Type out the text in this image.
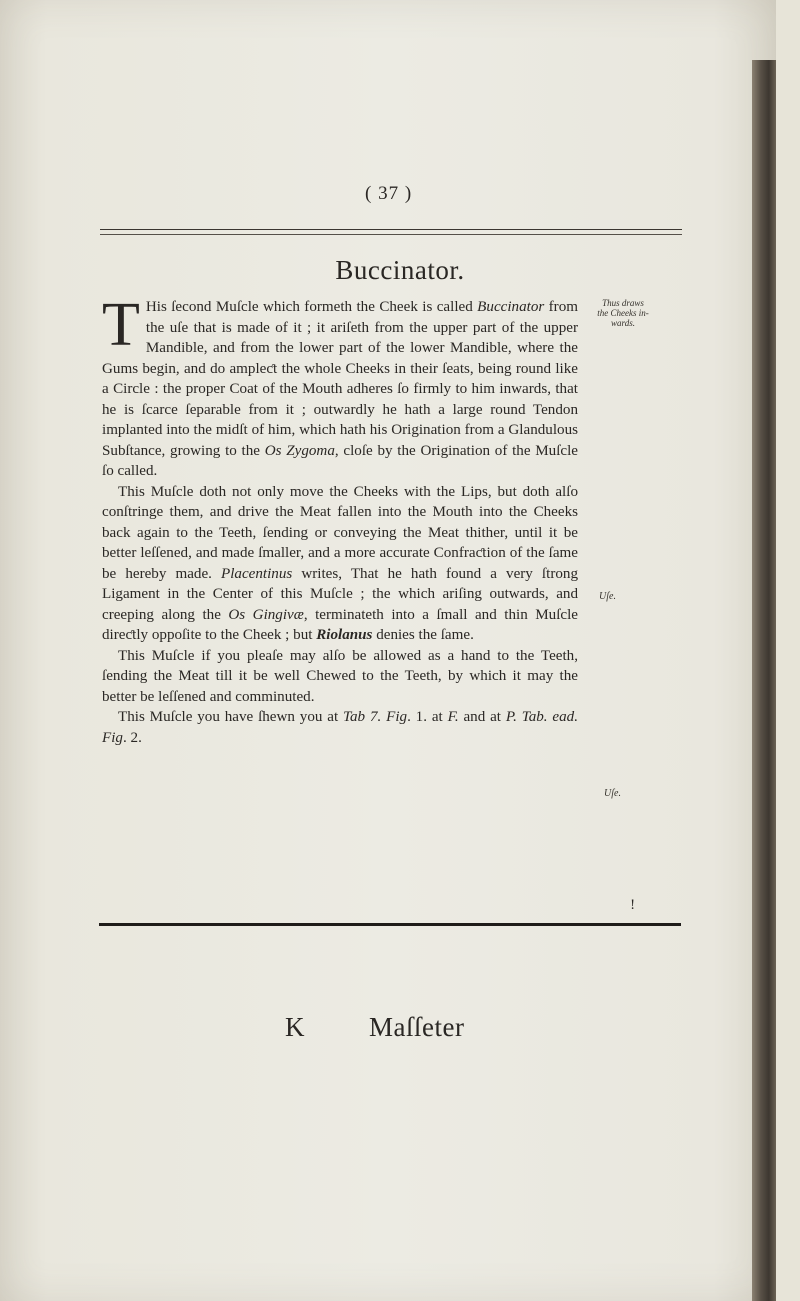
( 37 )
Buccinator.

T His ſecond Muſcle which formeth the Cheek is called Buccinator from the uſe that is made of it ; it ariſeth from the upper part of the upper Mandible, and from the lower part of the lower Mandible, where the Gums begin, and do ampleƈt the whole Cheeks in their ſeats, being round like a Circle : the proper Coat of the Mouth adheres ſo firmly to him inwards, that he is ſcarce ſeparable from it ; outwardly he hath a large round Tendon implanted into the midſt of him, which hath his Origination from a Glandulous Subſtance, growing to the Os Zygoma, cloſe by the Origination of the Muſcle ſo called.

This Muſcle doth not only move the Cheeks with the Lips, but doth alſo conſtringe them, and drive the Meat fallen into the Mouth into the Cheeks back again to the Teeth, ſending or conveying the Meat thither, until it be better leſſened, and made ſmaller, and a more accurate Confraƈtion of the ſame be hereby made. Placentinus writes, That he hath found a very ſtrong Ligament in the Center of this Muſcle ; the which ariſing outwards, and creeping along the Os Gingivæ, terminateth into a ſmall and thin Muſcle direƈtly oppoſite to the Cheek ; but Riolanus denies the ſame.

This Muſcle if you pleaſe may alſo be allowed as a hand to the Teeth, ſending the Meat till it be well Chewed to the Teeth, by which it may the better be leſſened and comminuted.

This Muſcle you have ſhewn you at Tab 7. Fig. 1. at F. and at P. Tab. ead. Fig. 2.

Thus draws
the Cheeks in-
wards.
Uſe.
Uſe.
!
K Maſſeter
